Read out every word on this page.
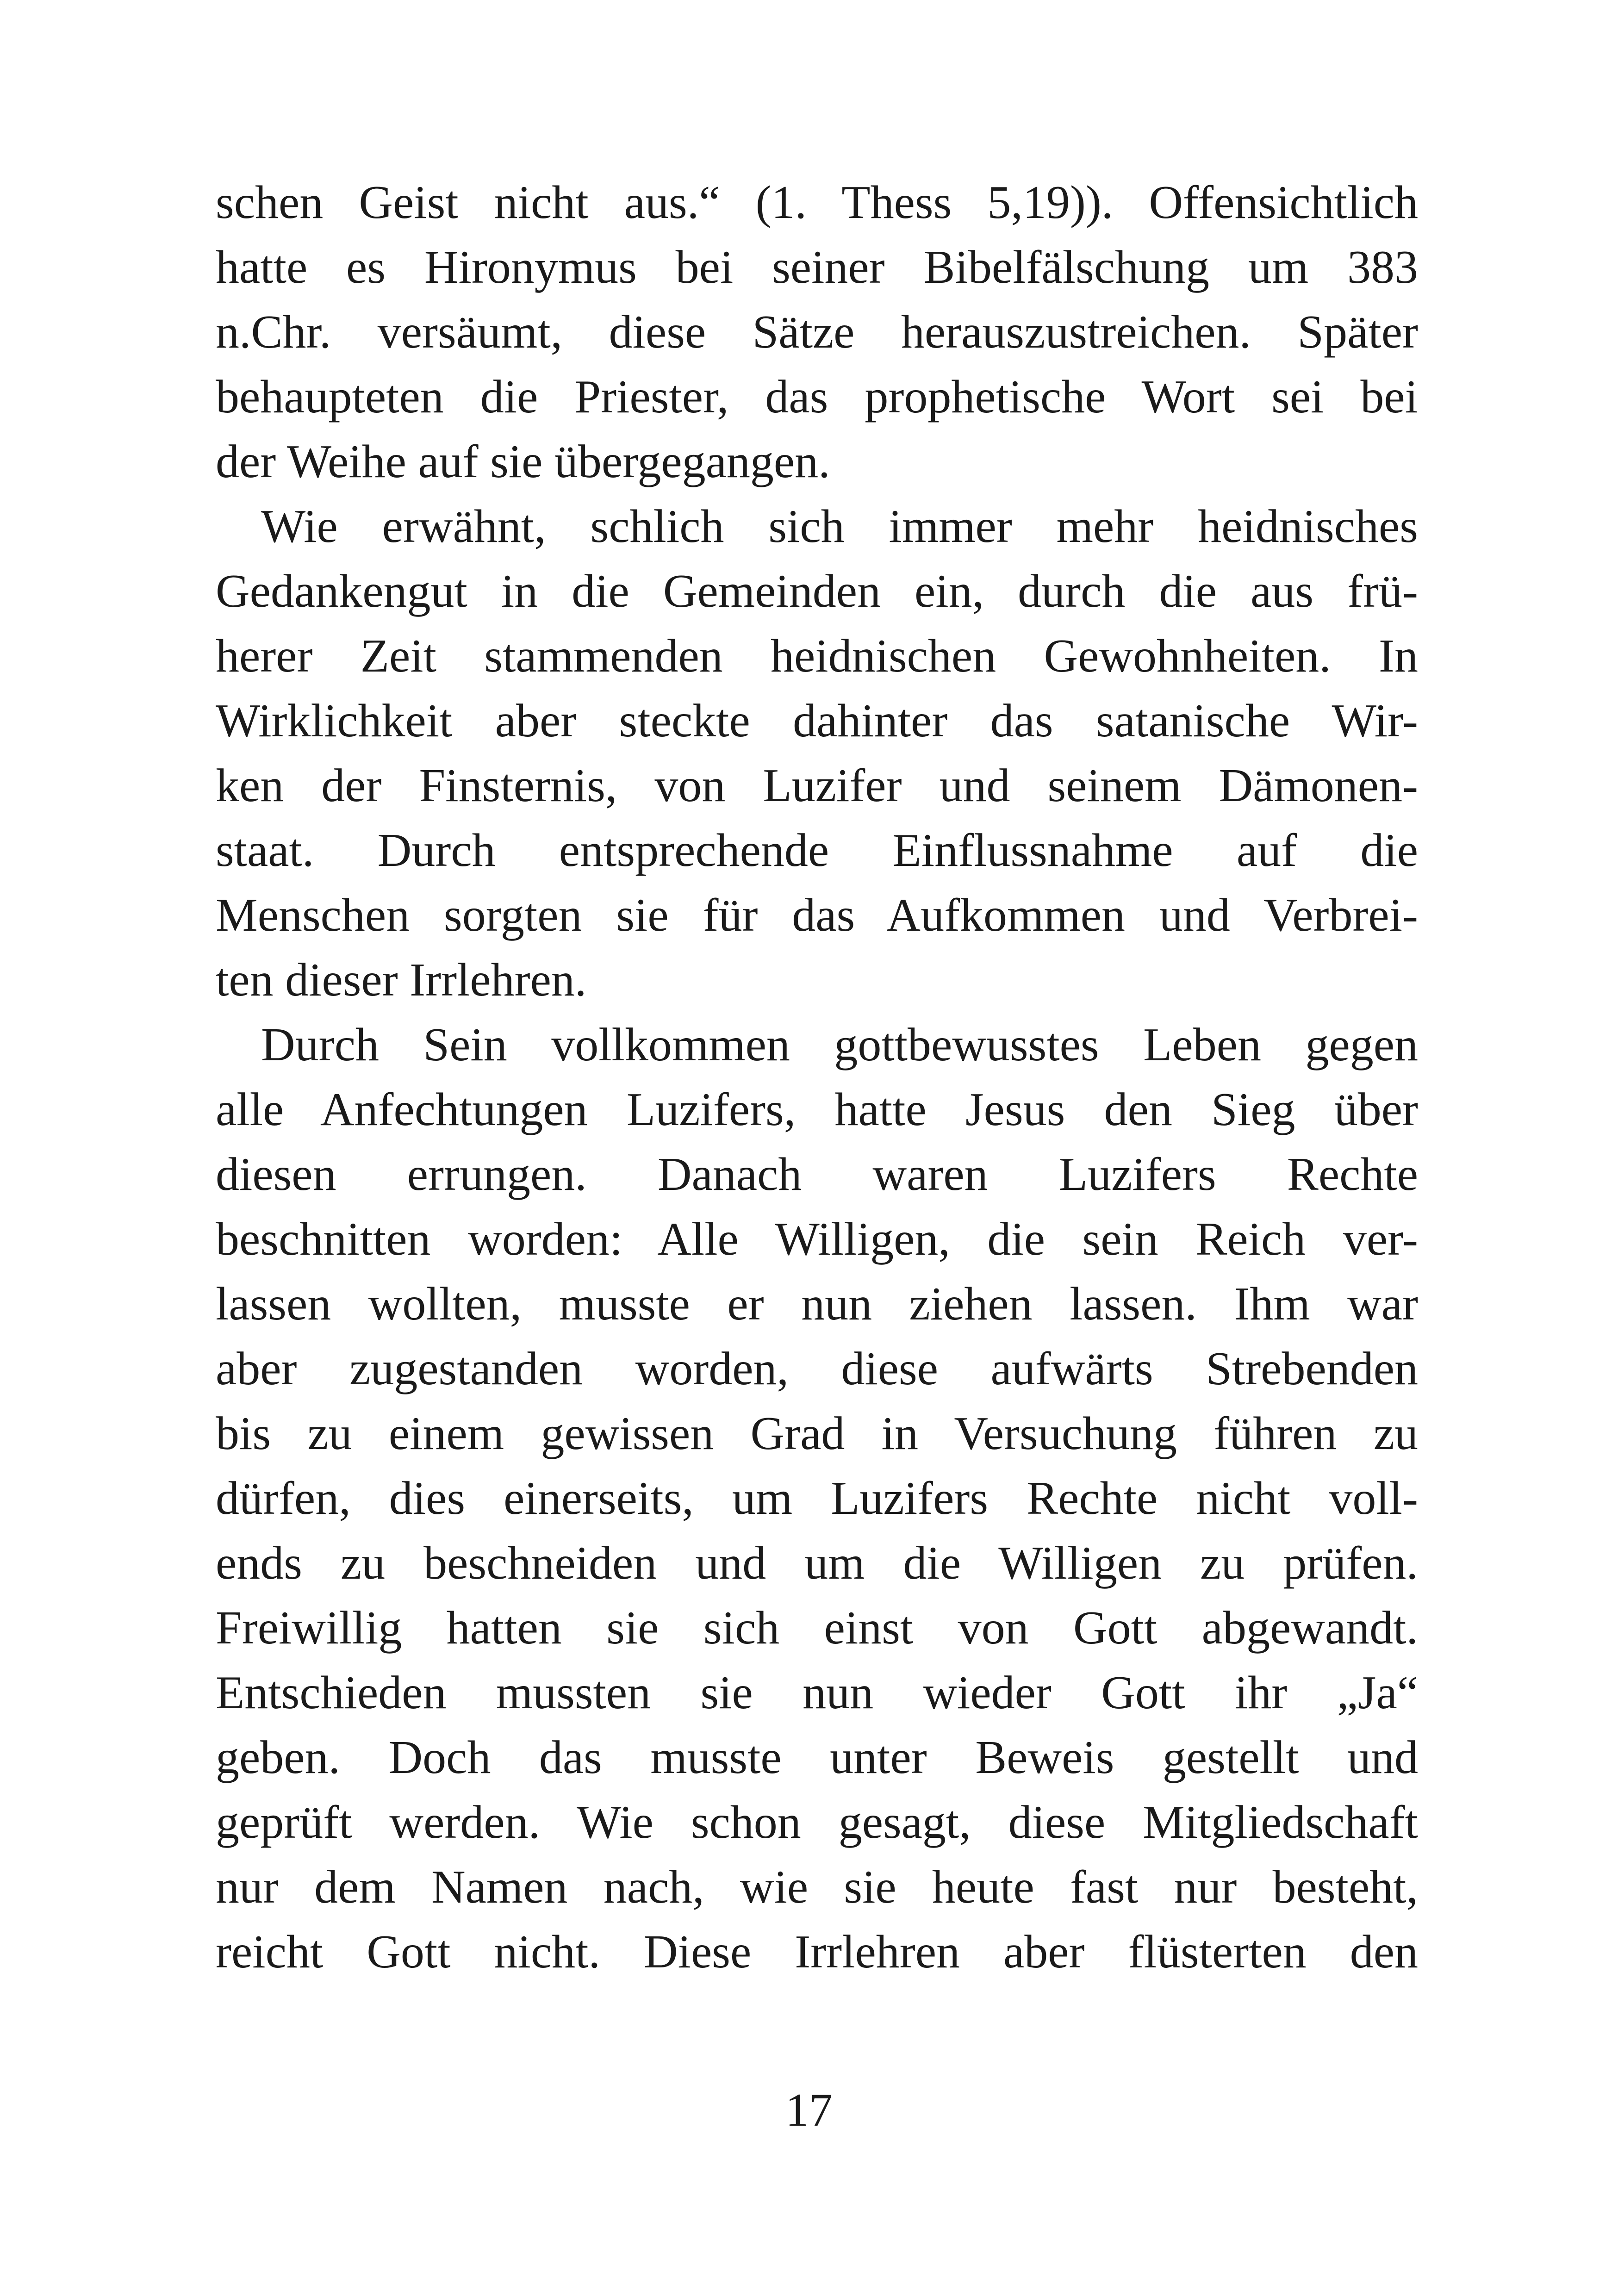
schen Geist nicht aus.“ (1. Thess 5,19)). Offensichtlich
hatte es Hironymus bei seiner Bibelfälschung um 383
n.Chr. versäumt, diese Sätze herauszustreichen. Später
behaupteten die Priester, das prophetische Wort sei bei
der Weihe auf sie übergegangen.
Wie erwähnt, schlich sich immer mehr heidnisches
Gedankengut in die Gemeinden ein, durch die aus frü-
herer Zeit stammenden heidnischen Gewohnheiten. In
Wirklichkeit aber steckte dahinter das satanische Wir-
ken der Finsternis, von Luzifer und seinem Dämonen-
staat. Durch entsprechende Einflussnahme auf die
Menschen sorgten sie für das Aufkommen und Verbrei-
ten dieser Irrlehren.
Durch Sein vollkommen gottbewusstes Leben gegen
alle Anfechtungen Luzifers, hatte Jesus den Sieg über
diesen errungen. Danach waren Luzifers Rechte
beschnitten worden: Alle Willigen, die sein Reich ver-
lassen wollten, musste er nun ziehen lassen. Ihm war
aber zugestanden worden, diese aufwärts Strebenden
bis zu einem gewissen Grad in Versuchung führen zu
dürfen, dies einerseits, um Luzifers Rechte nicht voll-
ends zu beschneiden und um die Willigen zu prüfen.
Freiwillig hatten sie sich einst von Gott abgewandt.
Entschieden mussten sie nun wieder Gott ihr „Ja“
geben. Doch das musste unter Beweis gestellt und
geprüft werden. Wie schon gesagt, diese Mitgliedschaft
nur dem Namen nach, wie sie heute fast nur besteht,
reicht Gott nicht. Diese Irrlehren aber flüsterten den
17
